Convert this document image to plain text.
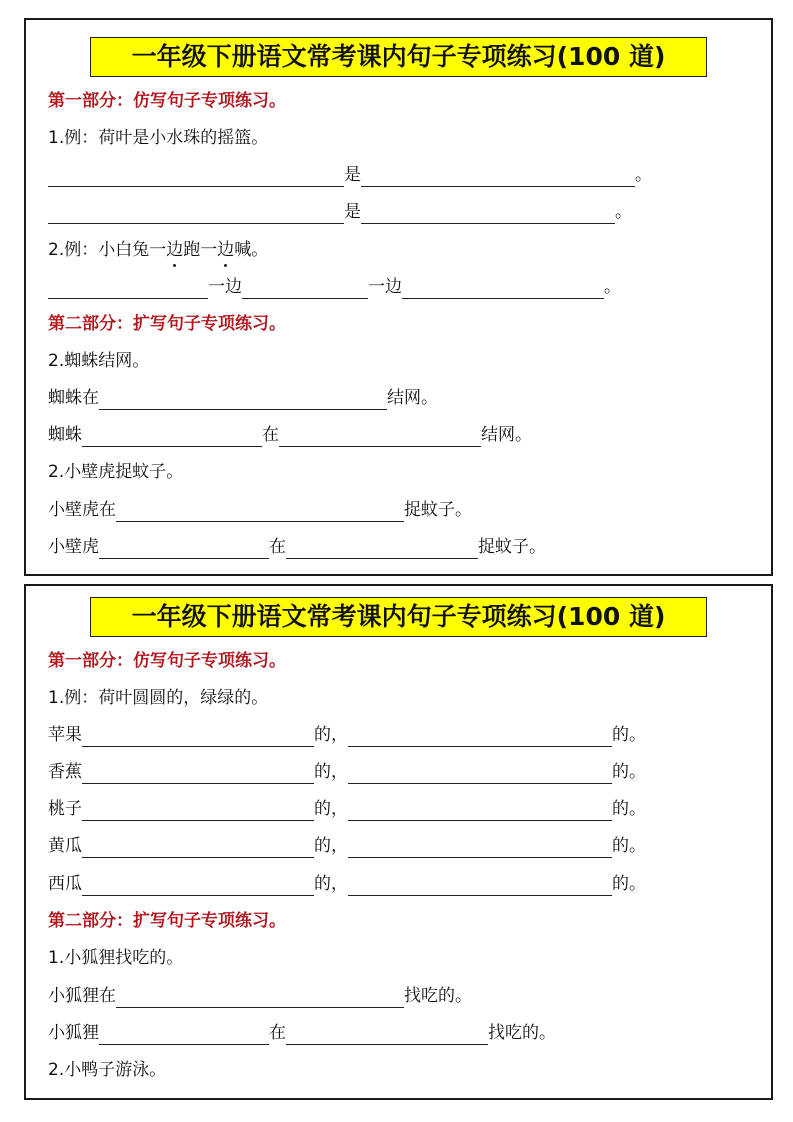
一年级下册语文常考课内句子专项练习(100 道)
第一部分：仿写句子专项练习。
1.例：荷叶是小水珠的摇篮。
是	。
是	。
2.例：小白兔一边跑一边喊。
一边	一边	。
第二部分：扩写句子专项练习。
2.蜘蛛结网。
蜘蛛在	结网。
蜘蛛	在	结网。
2.小壁虎捉蚊子。
小壁虎在	捉蚊子。
小壁虎	在	捉蚊子。
一年级下册语文常考课内句子专项练习(100 道)
第一部分：仿写句子专项练习。
1.例：荷叶圆圆的，绿绿的。
苹果	的，	的。
香蕉	的，	的。
桃子	的，	的。
黄瓜	的，	的。
西瓜	的，	的。
第二部分：扩写句子专项练习。
1.小狐狸找吃的。
小狐狸在	找吃的。
小狐狸	在	找吃的。
2.小鸭子游泳。
